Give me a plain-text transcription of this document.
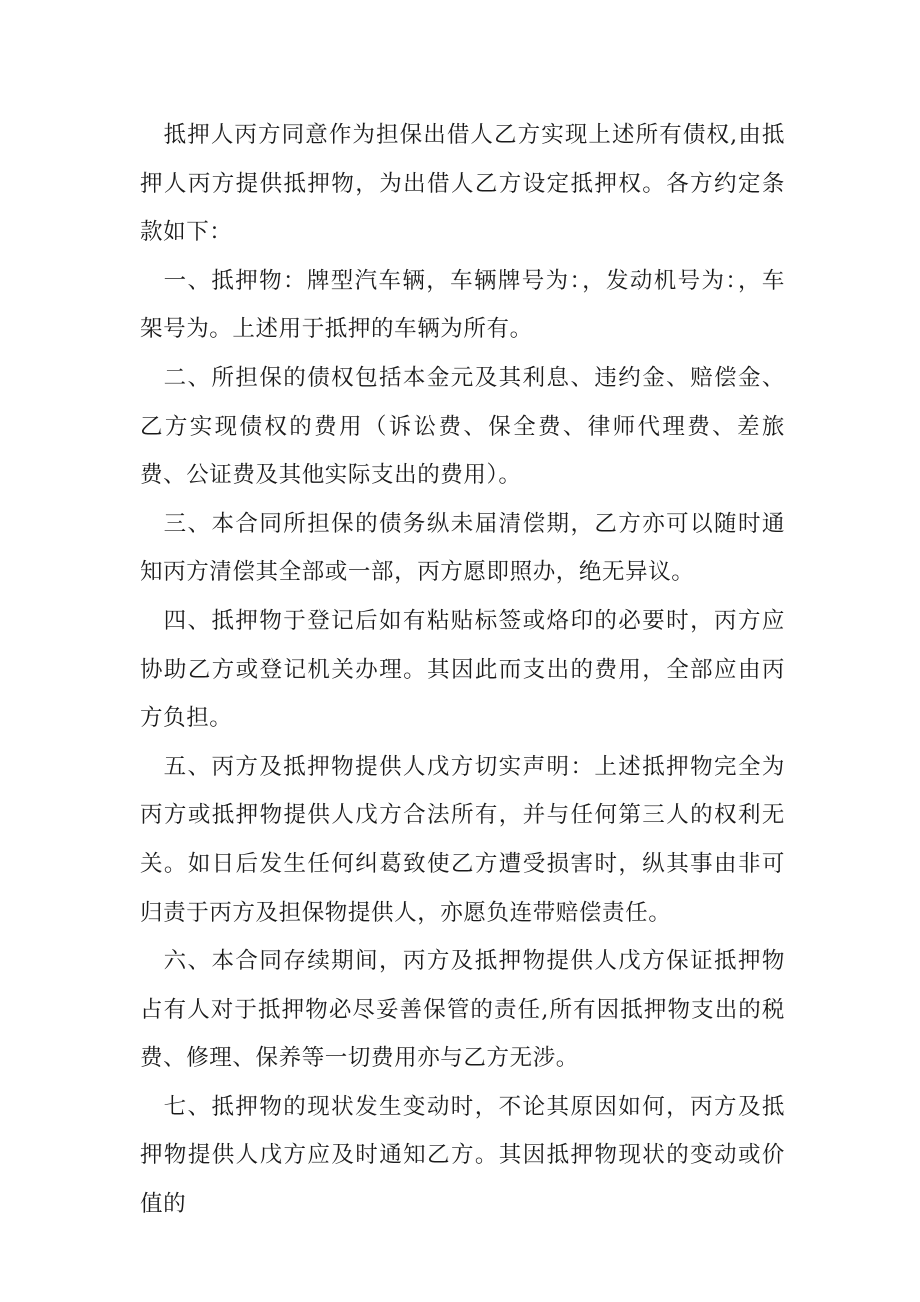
抵押人丙方同意作为担保出借人乙方实现上述所有债权,由抵押人丙方提供抵押物，为出借人乙方设定抵押权。各方约定条款如下：

一、抵押物：牌型汽车辆，车辆牌号为：，发动机号为：，车架号为。上述用于抵押的车辆为所有。

二、所担保的债权包括本金元及其利息、违约金、赔偿金、乙方实现债权的费用（诉讼费、保全费、律师代理费、差旅费、公证费及其他实际支出的费用）。

三、本合同所担保的债务纵未届清偿期，乙方亦可以随时通知丙方清偿其全部或一部，丙方愿即照办，绝无异议。

四、抵押物于登记后如有粘贴标签或烙印的必要时，丙方应协助乙方或登记机关办理。其因此而支出的费用，全部应由丙方负担。

五、丙方及抵押物提供人戊方切实声明：上述抵押物完全为丙方或抵押物提供人戊方合法所有，并与任何第三人的权利无关。如日后发生任何纠葛致使乙方遭受损害时，纵其事由非可归责于丙方及担保物提供人，亦愿负连带赔偿责任。

六、本合同存续期间，丙方及抵押物提供人戊方保证抵押物占有人对于抵押物必尽妥善保管的责任,所有因抵押物支出的税费、修理、保养等一切费用亦与乙方无涉。

七、抵押物的现状发生变动时，不论其原因如何，丙方及抵押物提供人戊方应及时通知乙方。其因抵押物现状的变动或价值的
